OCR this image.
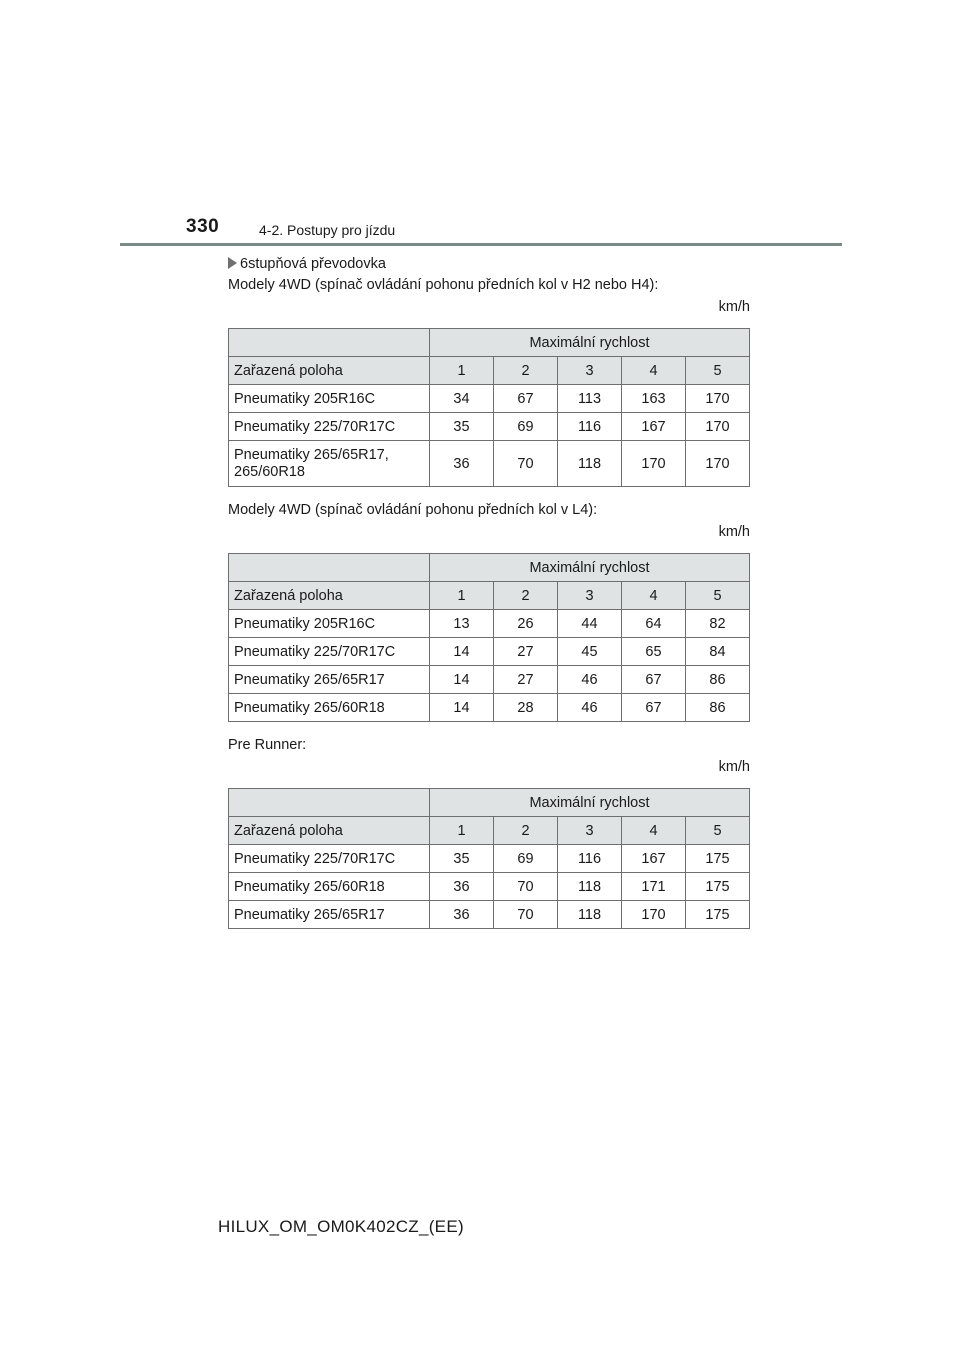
330	4-2. Postupy pro jízdu
6stupňová převodovka
Modely 4WD (spínač ovládání pohonu předních kol v H2 nebo H4):
km/h
	Maximální rychlost				
Zařazená poloha	1	2	3	4	5
Pneumatiky 205R16C	34	67	113	163	170
Pneumatiky 225/70R17C	35	69	116	167	170
Pneumatiky 265/65R17,
265/60R18	36	70	118	170	170
Modely 4WD (spínač ovládání pohonu předních kol v L4):
km/h
	Maximální rychlost				
Zařazená poloha	1	2	3	4	5
Pneumatiky 205R16C	13	26	44	64	82
Pneumatiky 225/70R17C	14	27	45	65	84
Pneumatiky 265/65R17	14	27	46	67	86
Pneumatiky 265/60R18	14	28	46	67	86
Pre Runner:
km/h
	Maximální rychlost				
Zařazená poloha	1	2	3	4	5
Pneumatiky 225/70R17C	35	69	116	167	175
Pneumatiky 265/60R18	36	70	118	171	175
Pneumatiky 265/65R17	36	70	118	170	175
HILUX_OM_OM0K402CZ_(EE)
